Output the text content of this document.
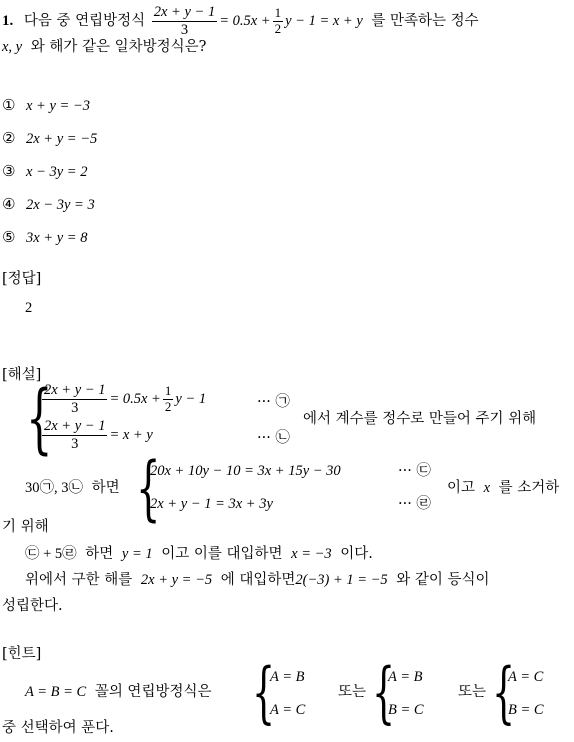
1. 다음 중 연립방정식 $\frac{2x + y - 1}{3} = 0.5x + \frac{1}{2}$ y − 1 = x + y 를 만족하는 정수
x, y 와 해가 같은 일차방정식은?
① x + y = −3
② 2x + y = −5
③ x − 3y = 2
④ 2x − 3y = 3
⑤ 3x + y = 8
[정답]
2
[해설]
{
$\frac{2x + y - 1}{3} = 0.5x + \frac{1}{2}$ y − 1	··· ㉠
$\frac{2x + y - 1}{3} = x + y$	··· ㉡
에서 계수를 정수로 만들어 주기 위해
30㉠, 3㉡ 하면 {
20x + 10y − 10 = 3x + 15y − 30	··· ㉢
2x + y − 1 = 3x + 3y	··· ㉣
이고 x 를 소거하
기 위해
㉢ + 5㉣ 하면 y = 1 이고 이를 대입하면 x = −3 이다.
위에서 구한 해를 2x + y = −5 에 대입하면2(−3) + 1 = −5 와 같이 등식이
성립한다.
[힌트]
A = B = C 꼴의 연립방정식은 {
A = B
A = C
또는 {
A = B
B = C
또는 {
A = C
B = C
중 선택하여 푼다.
